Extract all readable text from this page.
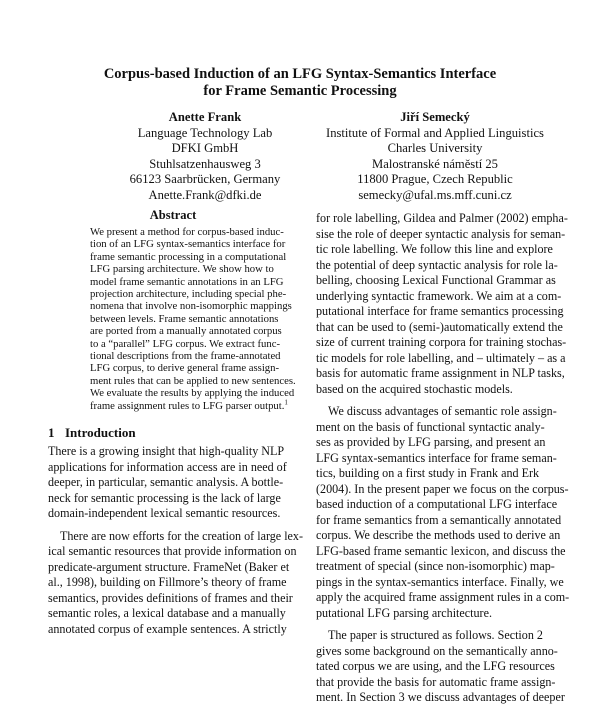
Corpus-based Induction of an LFG Syntax-Semantics Interface
for Frame Semantic Processing
Anette Frank
Language Technology Lab
DFKI GmbH
Stuhlsatzenhausweg 3
66123 Saarbrücken, Germany
Anette.Frank@dfki.de
Jiří Semecký
Institute of Formal and Applied Linguistics
Charles University
Malostranské náměstí 25
11800 Prague, Czech Republic
semecky@ufal.ms.mff.cuni.cz
Abstract
We present a method for corpus-based induc-
tion of an LFG syntax-semantics interface for
frame semantic processing in a computational
LFG parsing architecture. We show how to
model frame semantic annotations in an LFG
projection architecture, including special phe-
nomena that involve non-isomorphic mappings
between levels. Frame semantic annotations
are ported from a manually annotated corpus
to a “parallel” LFG corpus. We extract func-
tional descriptions from the frame-annotated
LFG corpus, to derive general frame assign-
ment rules that can be applied to new sentences.
We evaluate the results by applying the induced
frame assignment rules to LFG parser output.$^1$
1 Introduction
There is a growing insight that high-quality NLP
applications for information access are in need of
deeper, in particular, semantic analysis. A bottle-
neck for semantic processing is the lack of large
domain-independent lexical semantic resources.
There are now efforts for the creation of large lex-
ical semantic resources that provide information on
predicate-argument structure. FrameNet (Baker et
al., 1998), building on Fillmore’s theory of frame
semantics, provides definitions of frames and their
semantic roles, a lexical database and a manually
annotated corpus of example sentences. A strictly
for role labelling, Gildea and Palmer (2002) empha-
sise the role of deeper syntactic analysis for seman-
tic role labelling. We follow this line and explore
the potential of deep syntactic analysis for role la-
belling, choosing Lexical Functional Grammar as
underlying syntactic framework. We aim at a com-
putational interface for frame semantics processing
that can be used to (semi-)automatically extend the
size of current training corpora for training stochas-
tic models for role labelling, and – ultimately – as a
basis for automatic frame assignment in NLP tasks,
based on the acquired stochastic models.
We discuss advantages of semantic role assign-
ment on the basis of functional syntactic analy-
ses as provided by LFG parsing, and present an
LFG syntax-semantics interface for frame seman-
tics, building on a first study in Frank and Erk
(2004). In the present paper we focus on the corpus-
based induction of a computational LFG interface
for frame semantics from a semantically annotated
corpus. We describe the methods used to derive an
LFG-based frame semantic lexicon, and discuss the
treatment of special (since non-isomorphic) map-
pings in the syntax-semantics interface. Finally, we
apply the acquired frame assignment rules in a com-
putational LFG parsing architecture.
The paper is structured as follows. Section 2
gives some background on the semantically anno-
tated corpus we are using, and the LFG resources
that provide the basis for automatic frame assign-
ment. In Section 3 we discuss advantages of deeper
